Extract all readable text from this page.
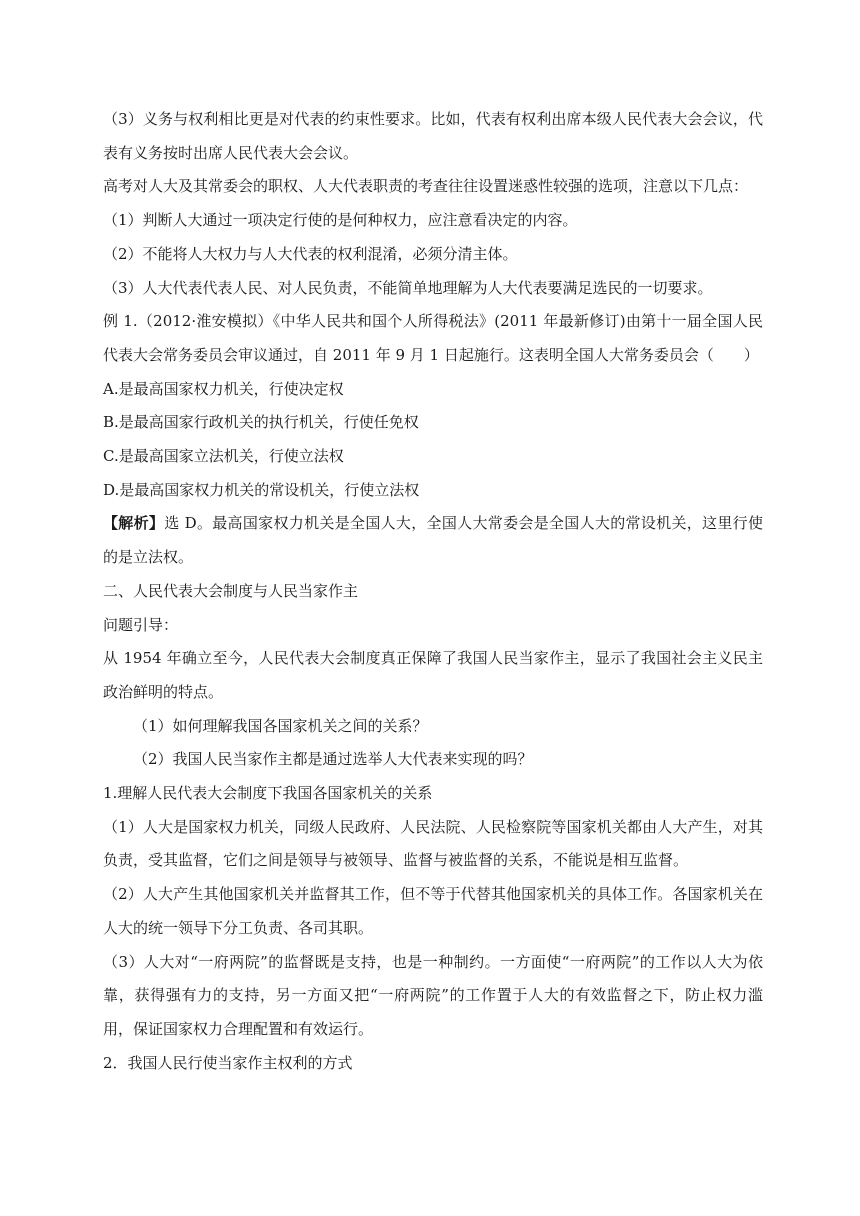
（3）义务与权利相比更是对代表的约束性要求。比如，代表有权利出席本级人民代表大会会议，代表有义务按时出席人民代表大会会议。

高考对人大及其常委会的职权、人大代表职责的考查往往设置迷惑性较强的选项，注意以下几点：

（1）判断人大通过一项决定行使的是何种权力，应注意看决定的内容。

（2）不能将人大权力与人大代表的权利混淆，必须分清主体。

（3）人大代表代表人民、对人民负责，不能简单地理解为人大代表要满足选民的一切要求。

例 1.（2012·淮安模拟）《中华人民共和国个人所得税法》(2011 年最新修订)由第十一届全国人民代表大会常务委员会审议通过，自 2011 年 9 月 1 日起施行。这表明全国人大常务委员会（　　）

A.是最高国家权力机关，行使决定权

B.是最高国家行政机关的执行机关，行使任免权

C.是最高国家立法机关，行使立法权

D.是最高国家权力机关的常设机关，行使立法权

【解析】选 D。最高国家权力机关是全国人大，全国人大常委会是全国人大的常设机关，这里行使的是立法权。

二、人民代表大会制度与人民当家作主

问题引导：

从 1954 年确立至今，人民代表大会制度真正保障了我国人民当家作主，显示了我国社会主义民主政治鲜明的特点。

（1）如何理解我国各国家机关之间的关系？

（2）我国人民当家作主都是通过选举人大代表来实现的吗？

1.理解人民代表大会制度下我国各国家机关的关系

（1）人大是国家权力机关，同级人民政府、人民法院、人民检察院等国家机关都由人大产生，对其负责，受其监督，它们之间是领导与被领导、监督与被监督的关系，不能说是相互监督。

（2）人大产生其他国家机关并监督其工作，但不等于代替其他国家机关的具体工作。各国家机关在人大的统一领导下分工负责、各司其职。

（3）人大对“一府两院”的监督既是支持，也是一种制约。一方面使“一府两院”的工作以人大为依靠，获得强有力的支持，另一方面又把“一府两院”的工作置于人大的有效监督之下，防止权力滥用，保证国家权力合理配置和有效运行。

2．我国人民行使当家作主权利的方式
